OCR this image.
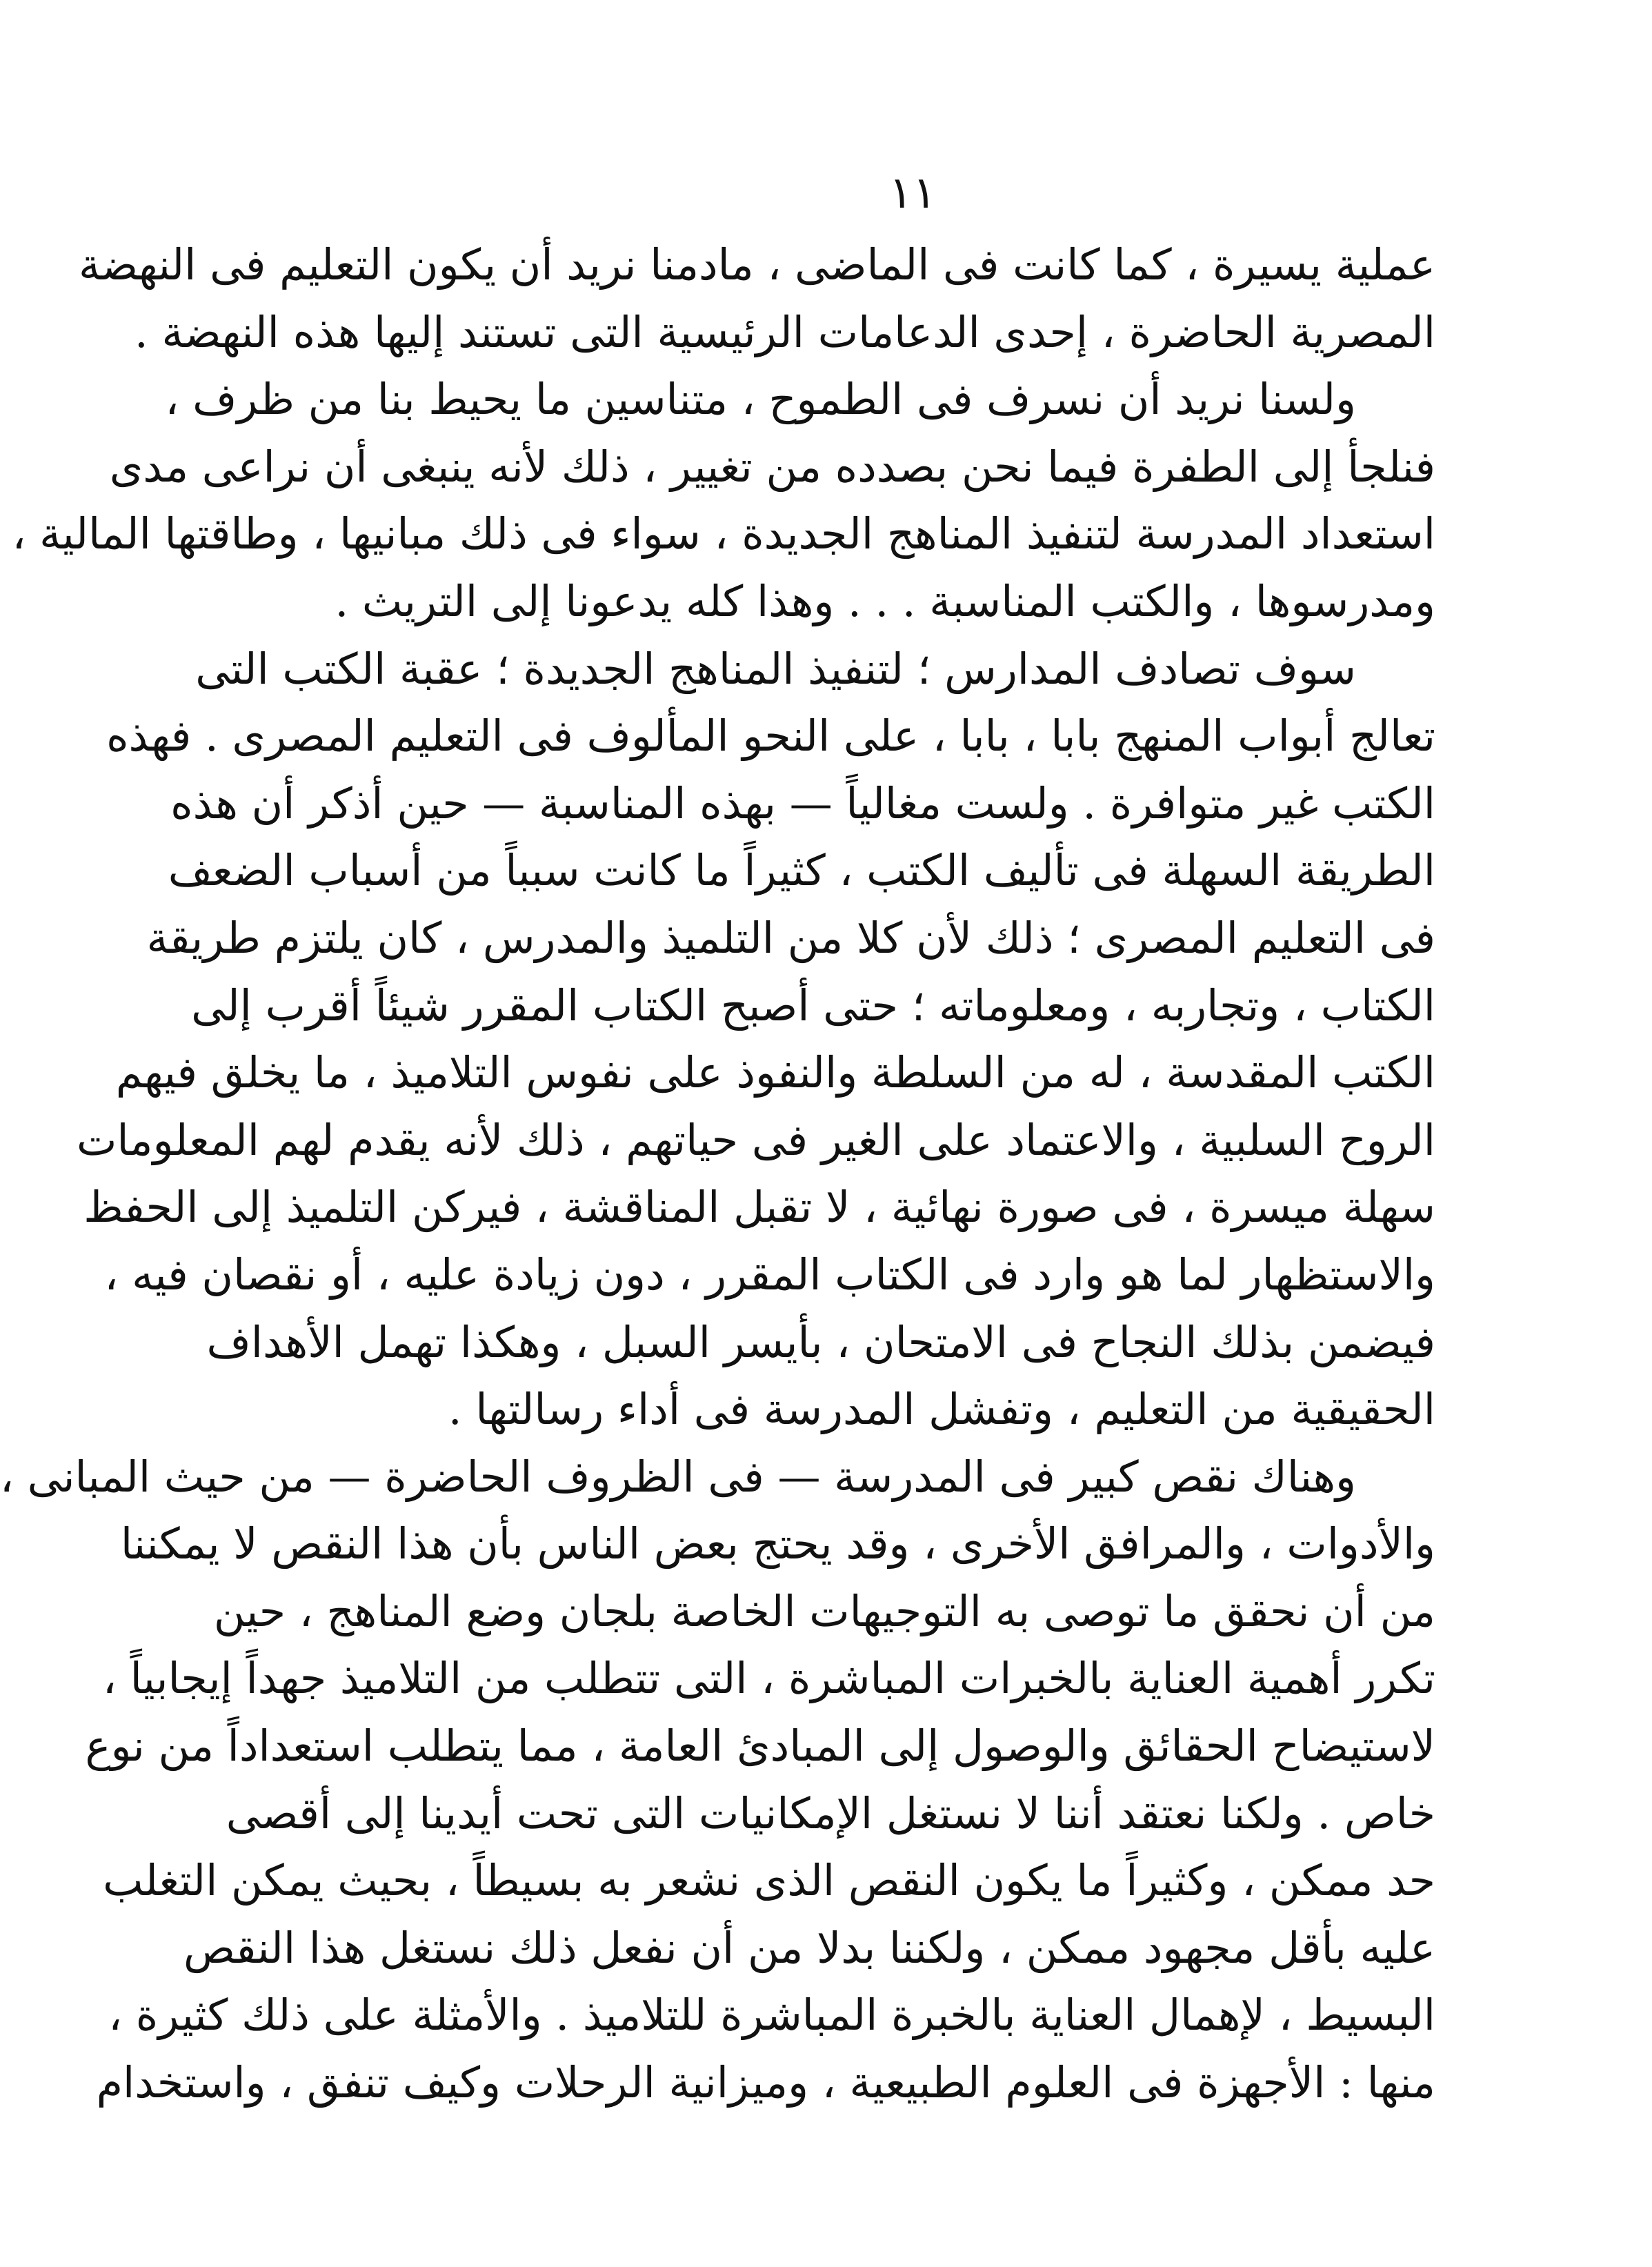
١١
عملية يسيرة ، كما كانت فى الماضى ، مادمنا نريد أن يكون التعليم فى النهضة
المصرية الحاضرة ، إحدى الدعامات الرئيسية التى تستند إليها هذه النهضة .
ولسنا نريد أن نسرف فى الطموح ، متناسين ما يحيط بنا من ظرف ،
فنلجأ إلى الطفرة فيما نحن بصدده من تغيير ، ذلك لأنه ينبغى أن نراعى مدى
استعداد المدرسة لتنفيذ المناهج الجديدة ، سواء فى ذلك مبانيها ، وطاقتها المالية ،
ومدرسوها ، والكتب المناسبة . . . وهذا كله يدعونا إلى التريث .
سوف تصادف المدارس ؛ لتنفيذ المناهج الجديدة ؛ عقبة الكتب التى
تعالج أبواب المنهج بابا ، بابا ، على النحو المألوف فى التعليم المصرى . فهذه
الكتب غير متوافرة . ولست مغالياً — بهذه المناسبة — حين أذكر أن هذه
الطريقة السهلة فى تأليف الكتب ، كثيراً ما كانت سبباً من أسباب الضعف
فى التعليم المصرى ؛ ذلك لأن كلا من التلميذ والمدرس ، كان يلتزم طريقة
الكتاب ، وتجاربه ، ومعلوماته ؛ حتى أصبح الكتاب المقرر شيئاً أقرب إلى
الكتب المقدسة ، له من السلطة والنفوذ على نفوس التلاميذ ، ما يخلق فيهم
الروح السلبية ، والاعتماد على الغير فى حياتهم ، ذلك لأنه يقدم لهم المعلومات
سهلة ميسرة ، فى صورة نهائية ، لا تقبل المناقشة ، فيركن التلميذ إلى الحفظ
والاستظهار لما هو وارد فى الكتاب المقرر ، دون زيادة عليه ، أو نقصان فيه ،
فيضمن بذلك النجاح فى الامتحان ، بأيسر السبل ، وهكذا تهمل الأهداف
الحقيقية من التعليم ، وتفشل المدرسة فى أداء رسالتها .
وهناك نقص كبير فى المدرسة — فى الظروف الحاضرة — من حيث المبانى ،
والأدوات ، والمرافق الأخرى ، وقد يحتج بعض الناس بأن هذا النقص لا يمكننا
من أن نحقق ما توصى به التوجيهات الخاصة بلجان وضع المناهج ، حين
تكرر أهمية العناية بالخبرات المباشرة ، التى تتطلب من التلاميذ جهداً إيجابياً ،
لاستيضاح الحقائق والوصول إلى المبادئ العامة ، مما يتطلب استعداداً من نوع
خاص . ولكنا نعتقد أننا لا نستغل الإمكانيات التى تحت أيدينا إلى أقصى
حد ممكن ، وكثيراً ما يكون النقص الذى نشعر به بسيطاً ، بحيث يمكن التغلب
عليه بأقل مجهود ممكن ، ولكننا بدلا من أن نفعل ذلك نستغل هذا النقص
البسيط ، لإهمال العناية بالخبرة المباشرة للتلاميذ . والأمثلة على ذلك كثيرة ،
منها : الأجهزة فى العلوم الطبيعية ، وميزانية الرحلات وكيف تنفق ، واستخدام
